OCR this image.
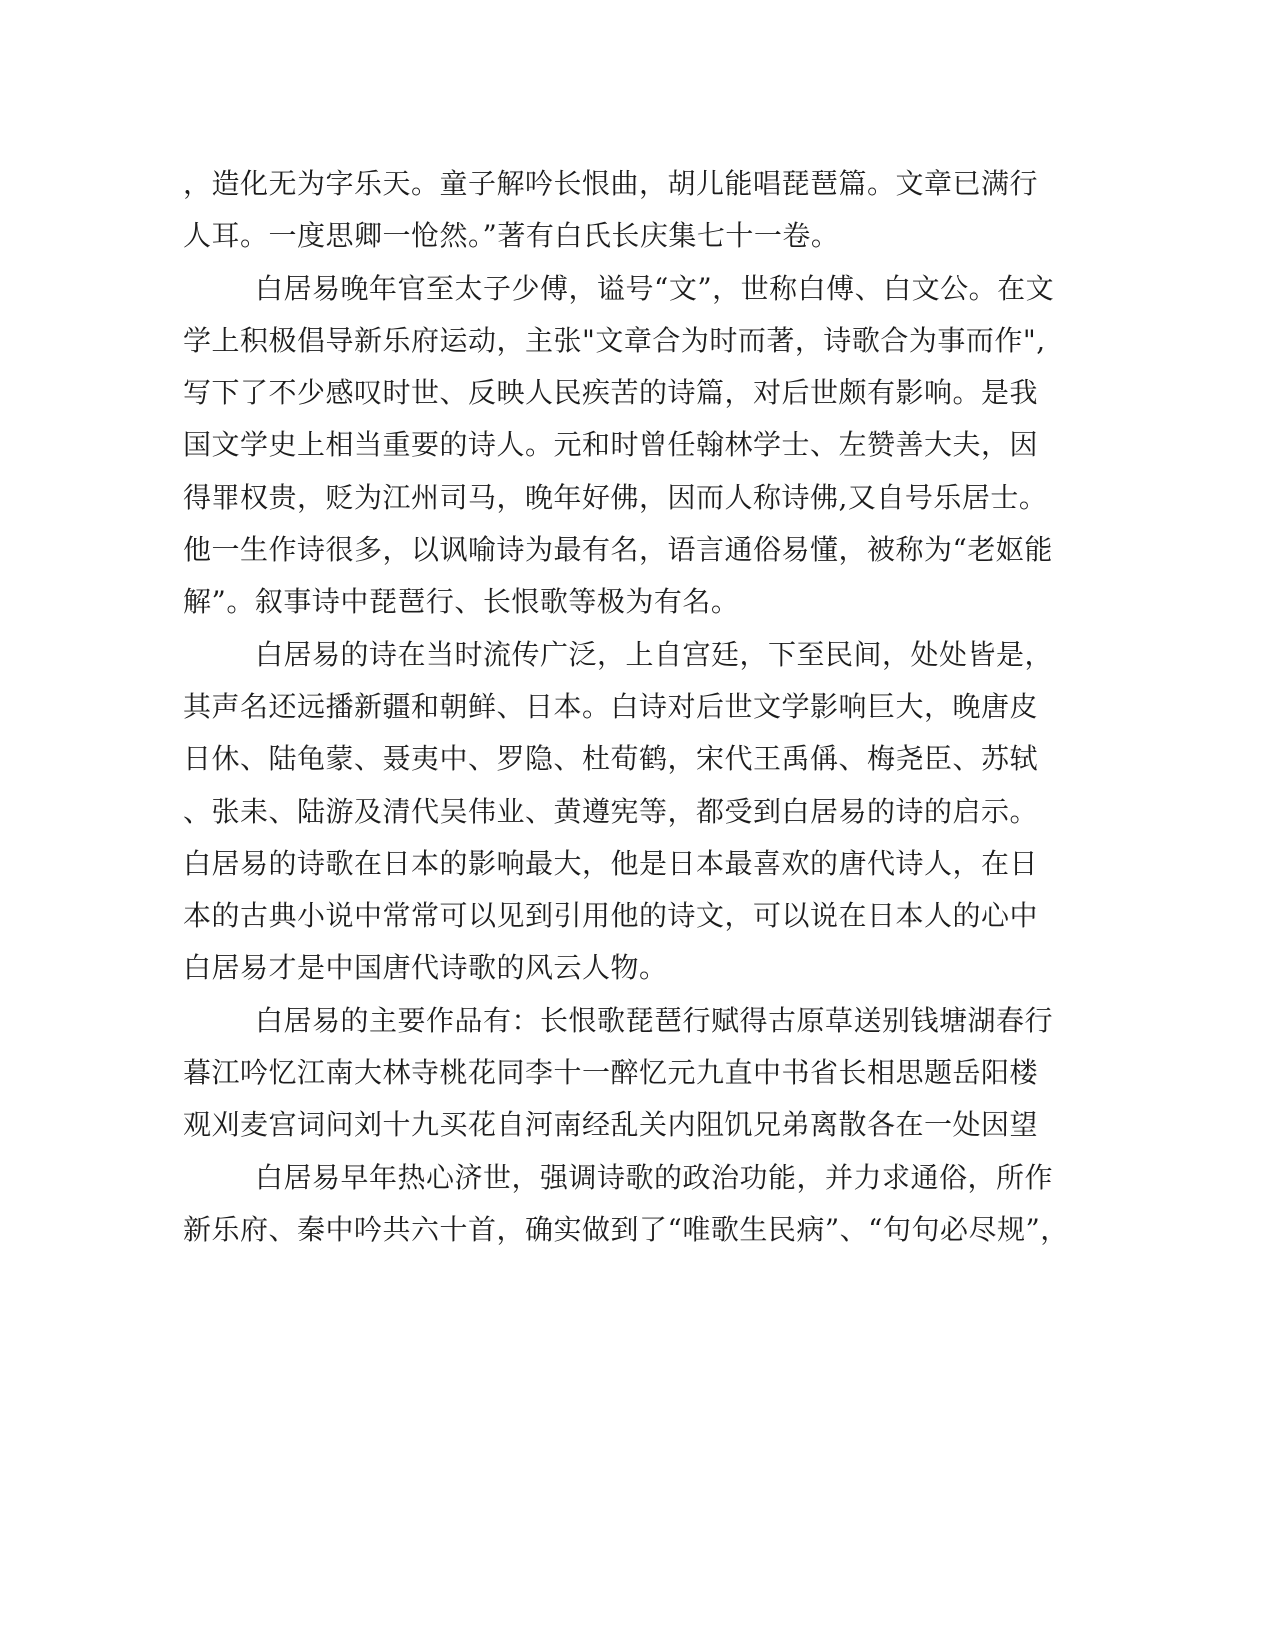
，造化无为字乐天。童子解吟长恨曲，胡儿能唱琵琶篇。文章已满行
人耳。一度思卿一怆然。”著有白氏长庆集七十一卷。
白居易晚年官至太子少傅，谥号“文”，世称白傅、白文公。在文
学上积极倡导新乐府运动，主张"文章合为时而著，诗歌合为事而作",
写下了不少感叹时世、反映人民疾苦的诗篇，对后世颇有影响。是我
国文学史上相当重要的诗人。元和时曾任翰林学士、左赞善大夫，因
得罪权贵，贬为江州司马，晚年好佛，因而人称诗佛,又自号乐居士。
他一生作诗很多，以讽喻诗为最有名，语言通俗易懂，被称为“老妪能
解”。叙事诗中琵琶行、长恨歌等极为有名。
白居易的诗在当时流传广泛，上自宫廷，下至民间，处处皆是，
其声名还远播新疆和朝鲜、日本。白诗对后世文学影响巨大，晚唐皮
日休、陆龟蒙、聂夷中、罗隐、杜荀鹤，宋代王禹偁、梅尧臣、苏轼
、张耒、陆游及清代吴伟业、黄遵宪等，都受到白居易的诗的启示。
白居易的诗歌在日本的影响最大，他是日本最喜欢的唐代诗人，在日
本的古典小说中常常可以见到引用他的诗文，可以说在日本人的心中
白居易才是中国唐代诗歌的风云人物。
白居易的主要作品有：长恨歌琵琶行赋得古原草送别钱塘湖春行
暮江吟忆江南大林寺桃花同李十一醉忆元九直中书省长相思题岳阳楼
观刈麦宫词问刘十九买花自河南经乱关内阻饥兄弟离散各在一处因望
白居易早年热心济世，强调诗歌的政治功能，并力求通俗，所作
新乐府、秦中吟共六十首，确实做到了“唯歌生民病”、“句句必尽规”，
